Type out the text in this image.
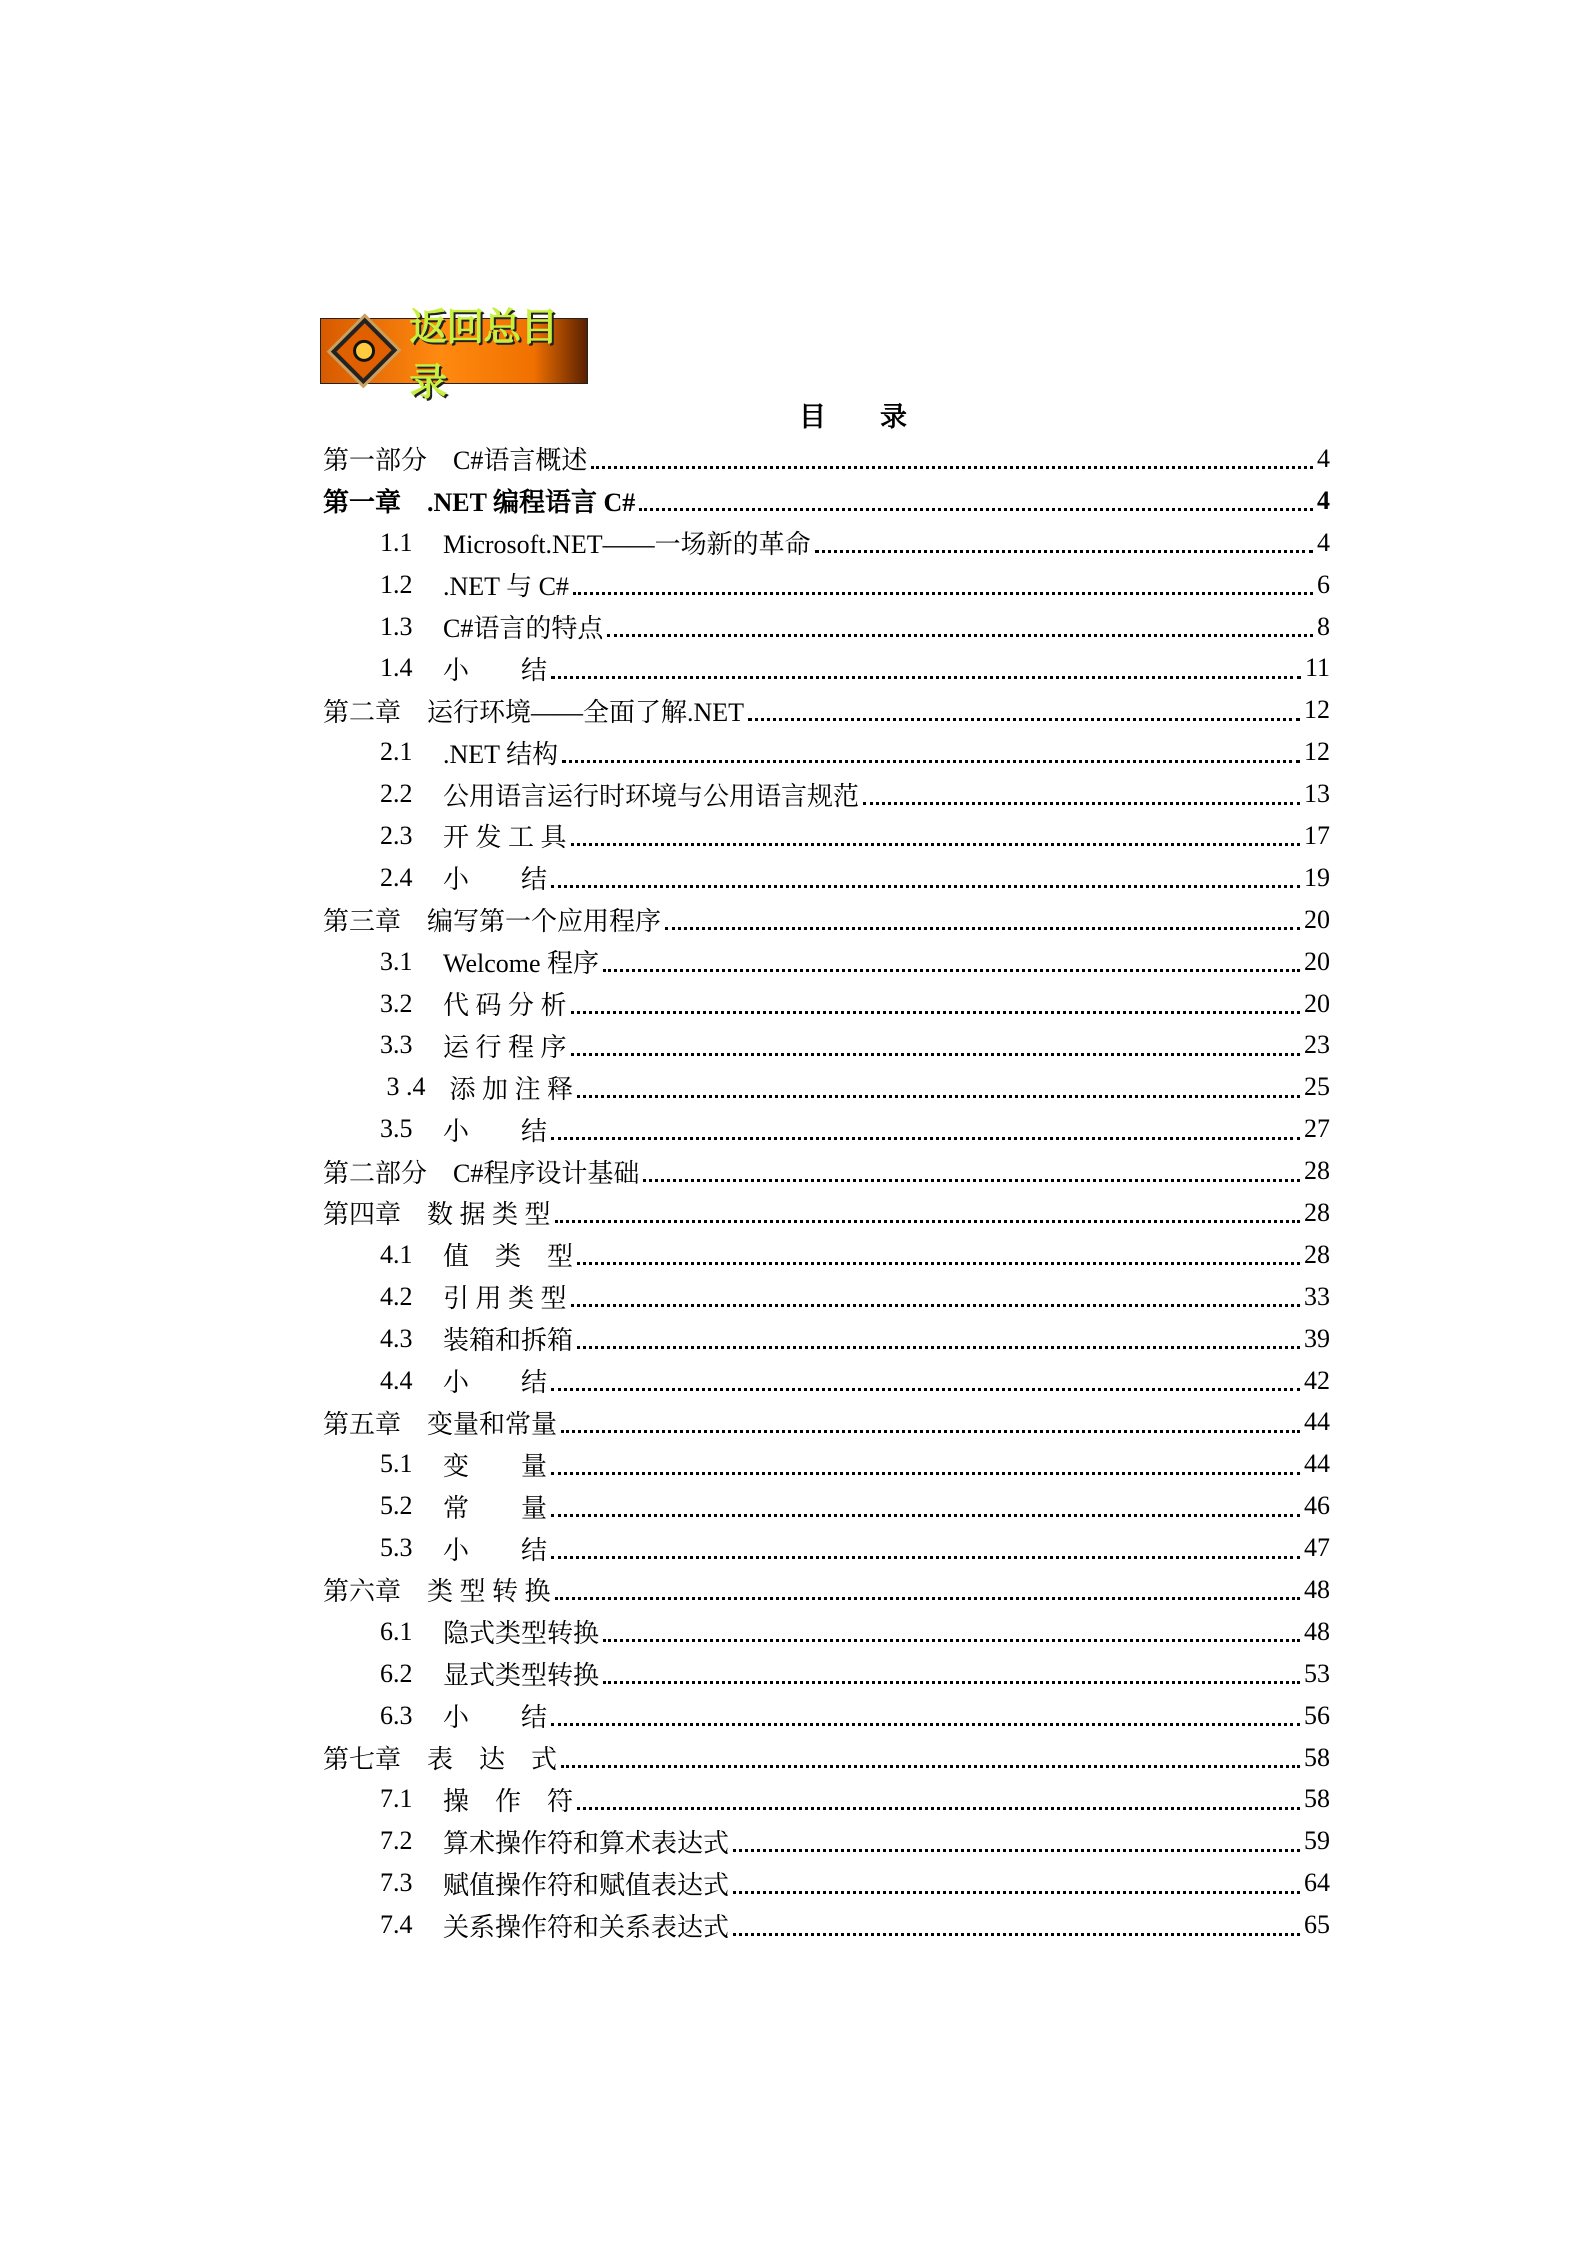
返回总目录
目　　录
第一部分　C#语言概述	4
第一章　.NET 编程语言 C#	4
1.1	Microsoft.NET——一场新的革命	4
1.2	.NET 与 C#	6
1.3	C#语言的特点	8
1.4	小　　结	11
第二章　运行环境——全面了解.NET	12
2.1	.NET 结构	12
2.2	公用语言运行时环境与公用语言规范	13
2.3	开 发 工 具	17
2.4	小　　结	19
第三章　编写第一个应用程序	20
3.1	Welcome 程序	20
3.2	代 码 分 析	20
3.3	运 行 程 序	23
3 .4 添 加 注 释	25
3.5	小　　结	27
第二部分　C#程序设计基础	28
第四章　数 据 类 型	28
4.1	值　类　型	28
4.2	引 用 类 型	33
4.3	装箱和拆箱	39
4.4	小　　结	42
第五章　变量和常量	44
5.1	变　　量	44
5.2	常　　量	46
5.3	小　　结	47
第六章　类 型 转 换	48
6.1	隐式类型转换	48
6.2	显式类型转换	53
6.3	小　　结	56
第七章　表　达　式	58
7.1	操　作　符	58
7.2	算术操作符和算术表达式	59
7.3	赋值操作符和赋值表达式	64
7.4	关系操作符和关系表达式	65
